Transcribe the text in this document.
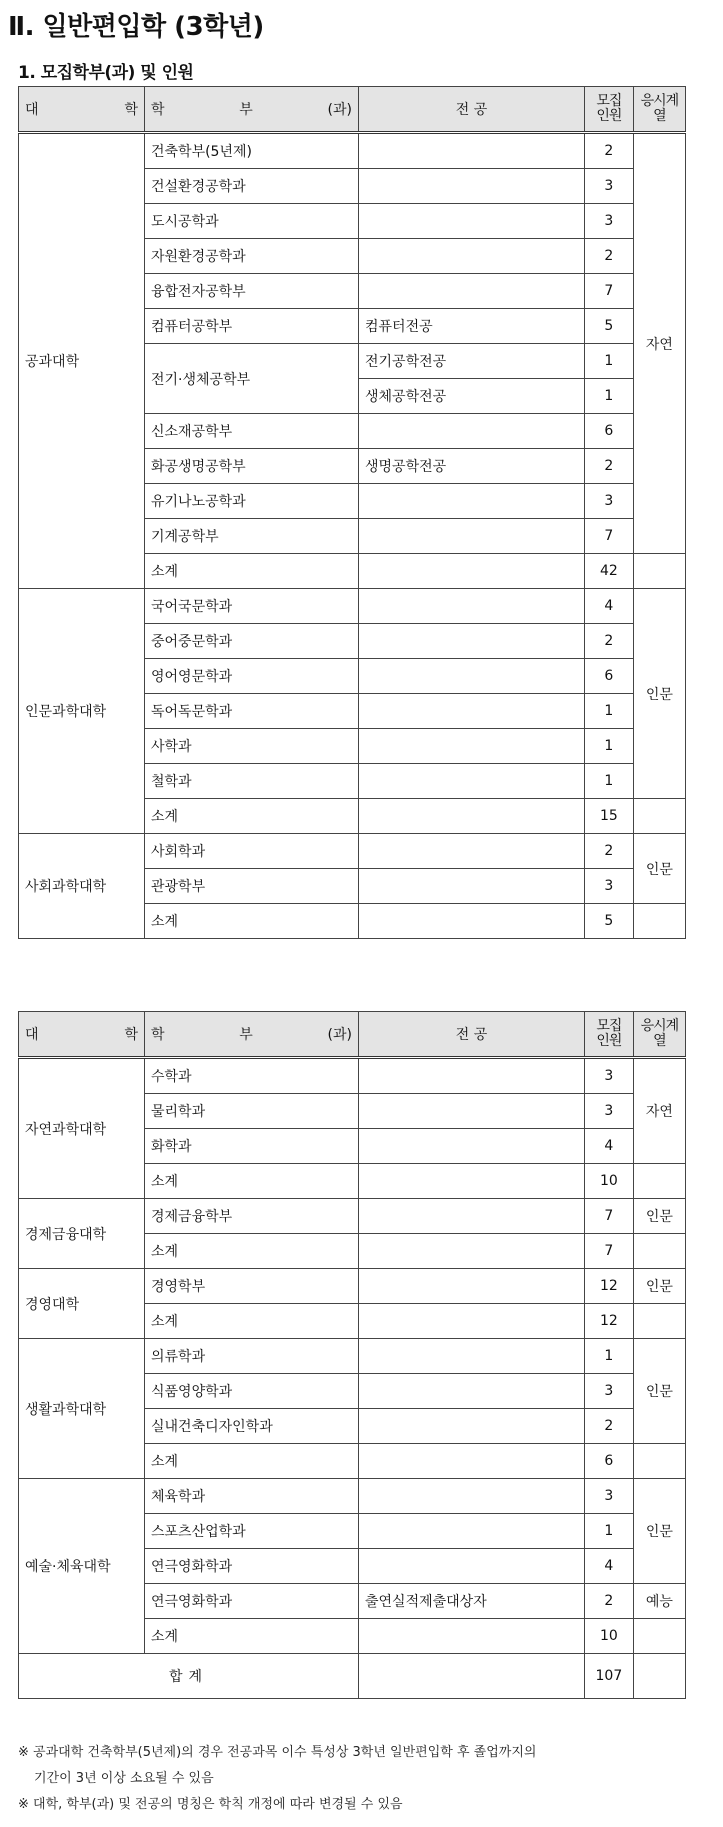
Ⅱ. 일반편입학 (3학년)
1. 모집학부(과) 및 인원
대 학	학 부 (과)	전 공	모집인원	응시계열
공과대학	건축학부(5년제)		2	자연
	건설환경공학과		3	
	도시공학과		3	
	자원환경공학과		2	
	융합전자공학부		7	
	컴퓨터공학부	컴퓨터전공	5	
	전기·생체공학부	전기공학전공	1	
		생체공학전공	1	
	신소재공학부		6	
	화공생명공학부	생명공학전공	2	
	유기나노공학과		3	
	기계공학부		7	
	소계		42	
인문과학대학	국어국문학과		4	인문
	중어중문학과		2	
	영어영문학과		6	
	독어독문학과		1	
	사학과		1	
	철학과		1	
	소계		15	
사회과학대학	사회학과		2	인문
	관광학부		3	
	소계		5	
대 학	학 부 (과)	전 공	모집인원	응시계열
자연과학대학	수학과		3	자연
	물리학과		3	
	화학과		4	
	소계		10	
경제금융대학	경제금융학부		7	인문
	소계		7	
경영대학	경영학부		12	인문
	소계		12	
생활과학대학	의류학과		1	인문
	식품영양학과		3	
	실내건축디자인학과		2	
	소계		6	
예술·체육대학	체육학과		3	인문
	스포츠산업학과		1	
	연극영화학과		4	
	연극영화학과	출연실적제출대상자	2	예능
	소계		10	
합계			107	
※ 공과대학 건축학부(5년제)의 경우 전공과목 이수 특성상 3학년 일반편입학 후 졸업까지의
기간이 3년 이상 소요될 수 있음
※ 대학, 학부(과) 및 전공의 명칭은 학칙 개정에 따라 변경될 수 있음
